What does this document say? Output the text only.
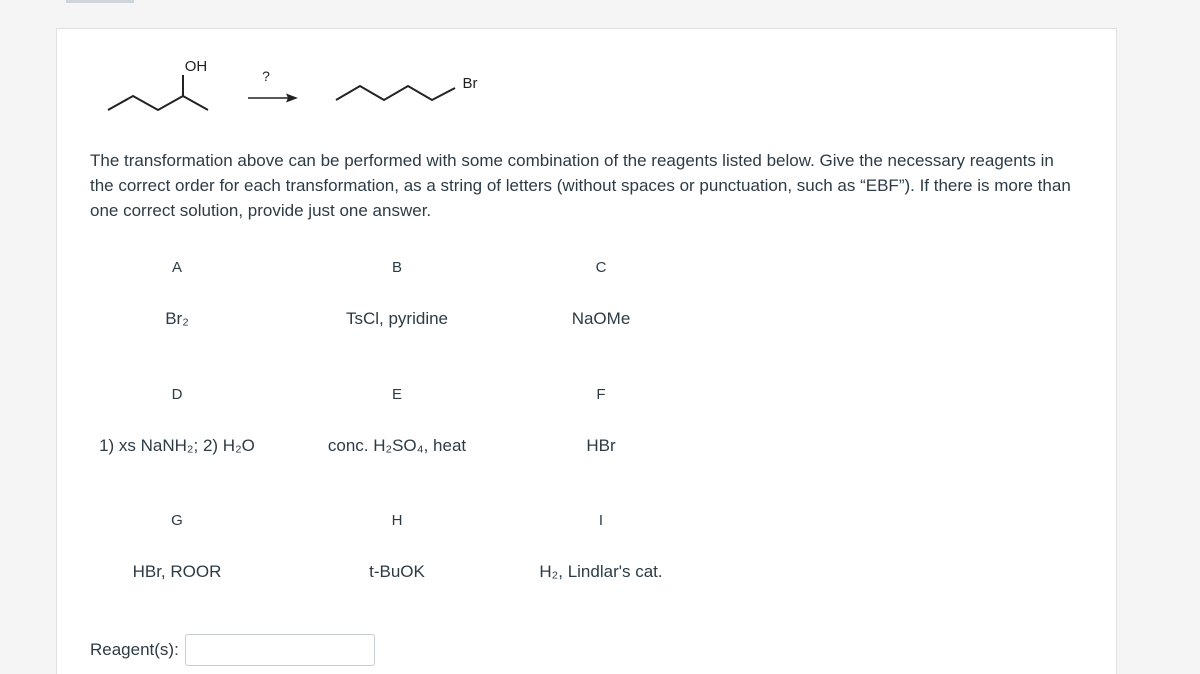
OH
?	Br
The transformation above can be performed with some combination of the reagents listed below. Give the necessary reagents in the correct order for each transformation, as a string of letters (without spaces or punctuation, such as “EBF”). If there is more than one correct solution, provide just one answer.
A
Br₂
B
TsCl, pyridine
C
NaOMe
D
1) xs NaNH₂; 2) H₂O
E
conc. H₂SO₄, heat
F
HBr
G
HBr, ROOR
H
t-BuOK
I
H₂, Lindlar's cat.
Reagent(s):
